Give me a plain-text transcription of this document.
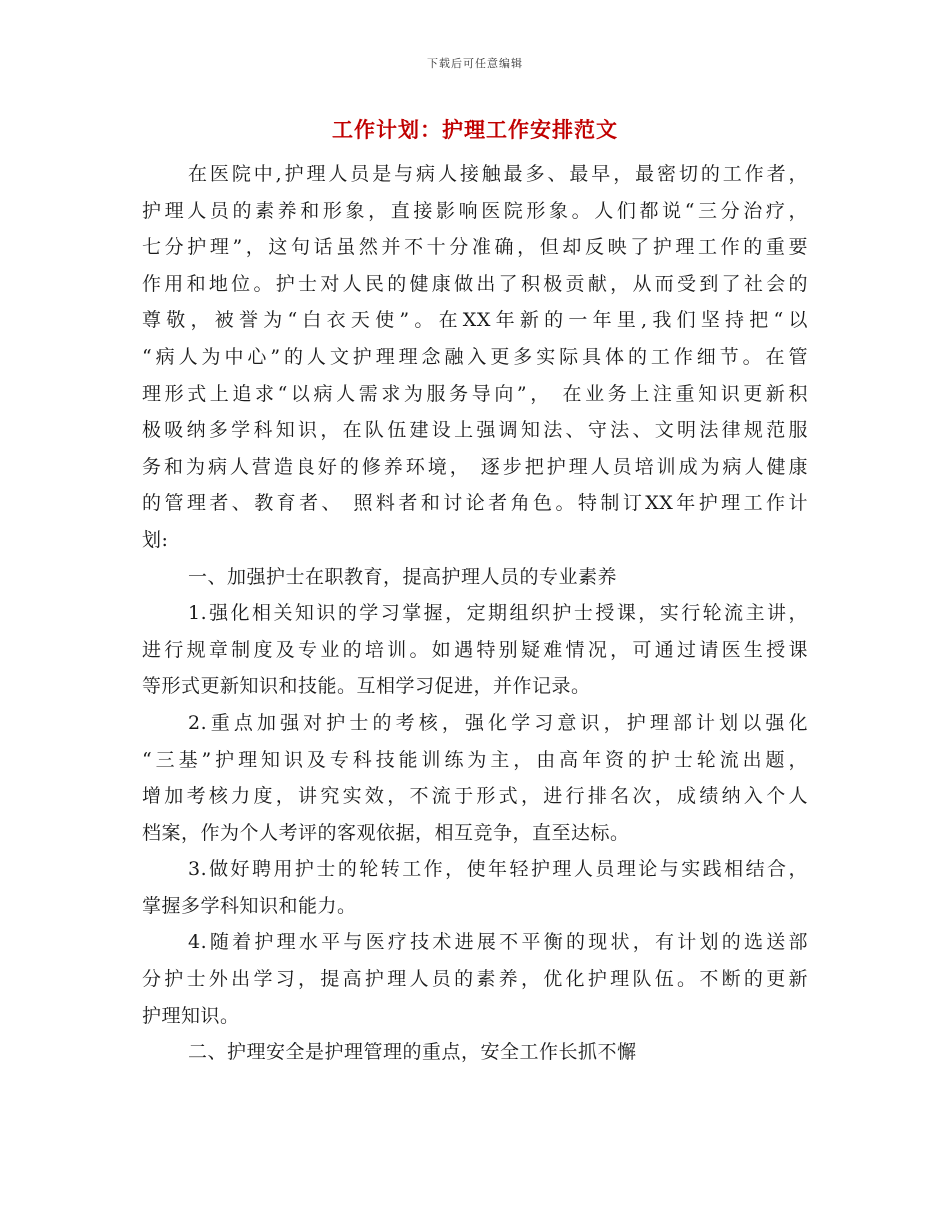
下载后可任意编辑
工作计划：护理工作安排范文
在医院中,护理人员是与病人接触最多、最早，最密切的工作者，
护理人员的素养和形象，直接影响医院形象。人们都说“三分治疗，
七分护理”，这句话虽然并不十分准确，但却反映了护理工作的重要
作用和地位。护士对人民的健康做出了积极贡献，从而受到了社会的
尊敬，被誉为“白衣天使”。在XX年新的一年里,我们坚持把“以
“病人为中心”的人文护理理念融入更多实际具体的工作细节。在管
理形式上追求“以病人需求为服务导向”， 在业务上注重知识更新积
极吸纳多学科知识，在队伍建设上强调知法、守法、文明法律规范服
务和为病人营造良好的修养环境， 逐步把护理人员培训成为病人健康
的管理者、教育者、 照料者和讨论者角色。特制订XX年护理工作计
划:
一、加强护士在职教育，提高护理人员的专业素养
1.强化相关知识的学习掌握，定期组织护士授课，实行轮流主讲，
进行规章制度及专业的培训。如遇特别疑难情况，可通过请医生授课
等形式更新知识和技能。互相学习促进，并作记录。
2.重点加强对护士的考核，强化学习意识，护理部计划以强化
“三基”护理知识及专科技能训练为主，由高年资的护士轮流出题，
增加考核力度，讲究实效，不流于形式，进行排名次，成绩纳入个人
档案，作为个人考评的客观依据，相互竞争，直至达标。
3.做好聘用护士的轮转工作，使年轻护理人员理论与实践相结合，
掌握多学科知识和能力。
4.随着护理水平与医疗技术进展不平衡的现状，有计划的选送部
分护士外出学习，提高护理人员的素养，优化护理队伍。不断的更新
护理知识。
二、护理安全是护理管理的重点，安全工作长抓不懈
